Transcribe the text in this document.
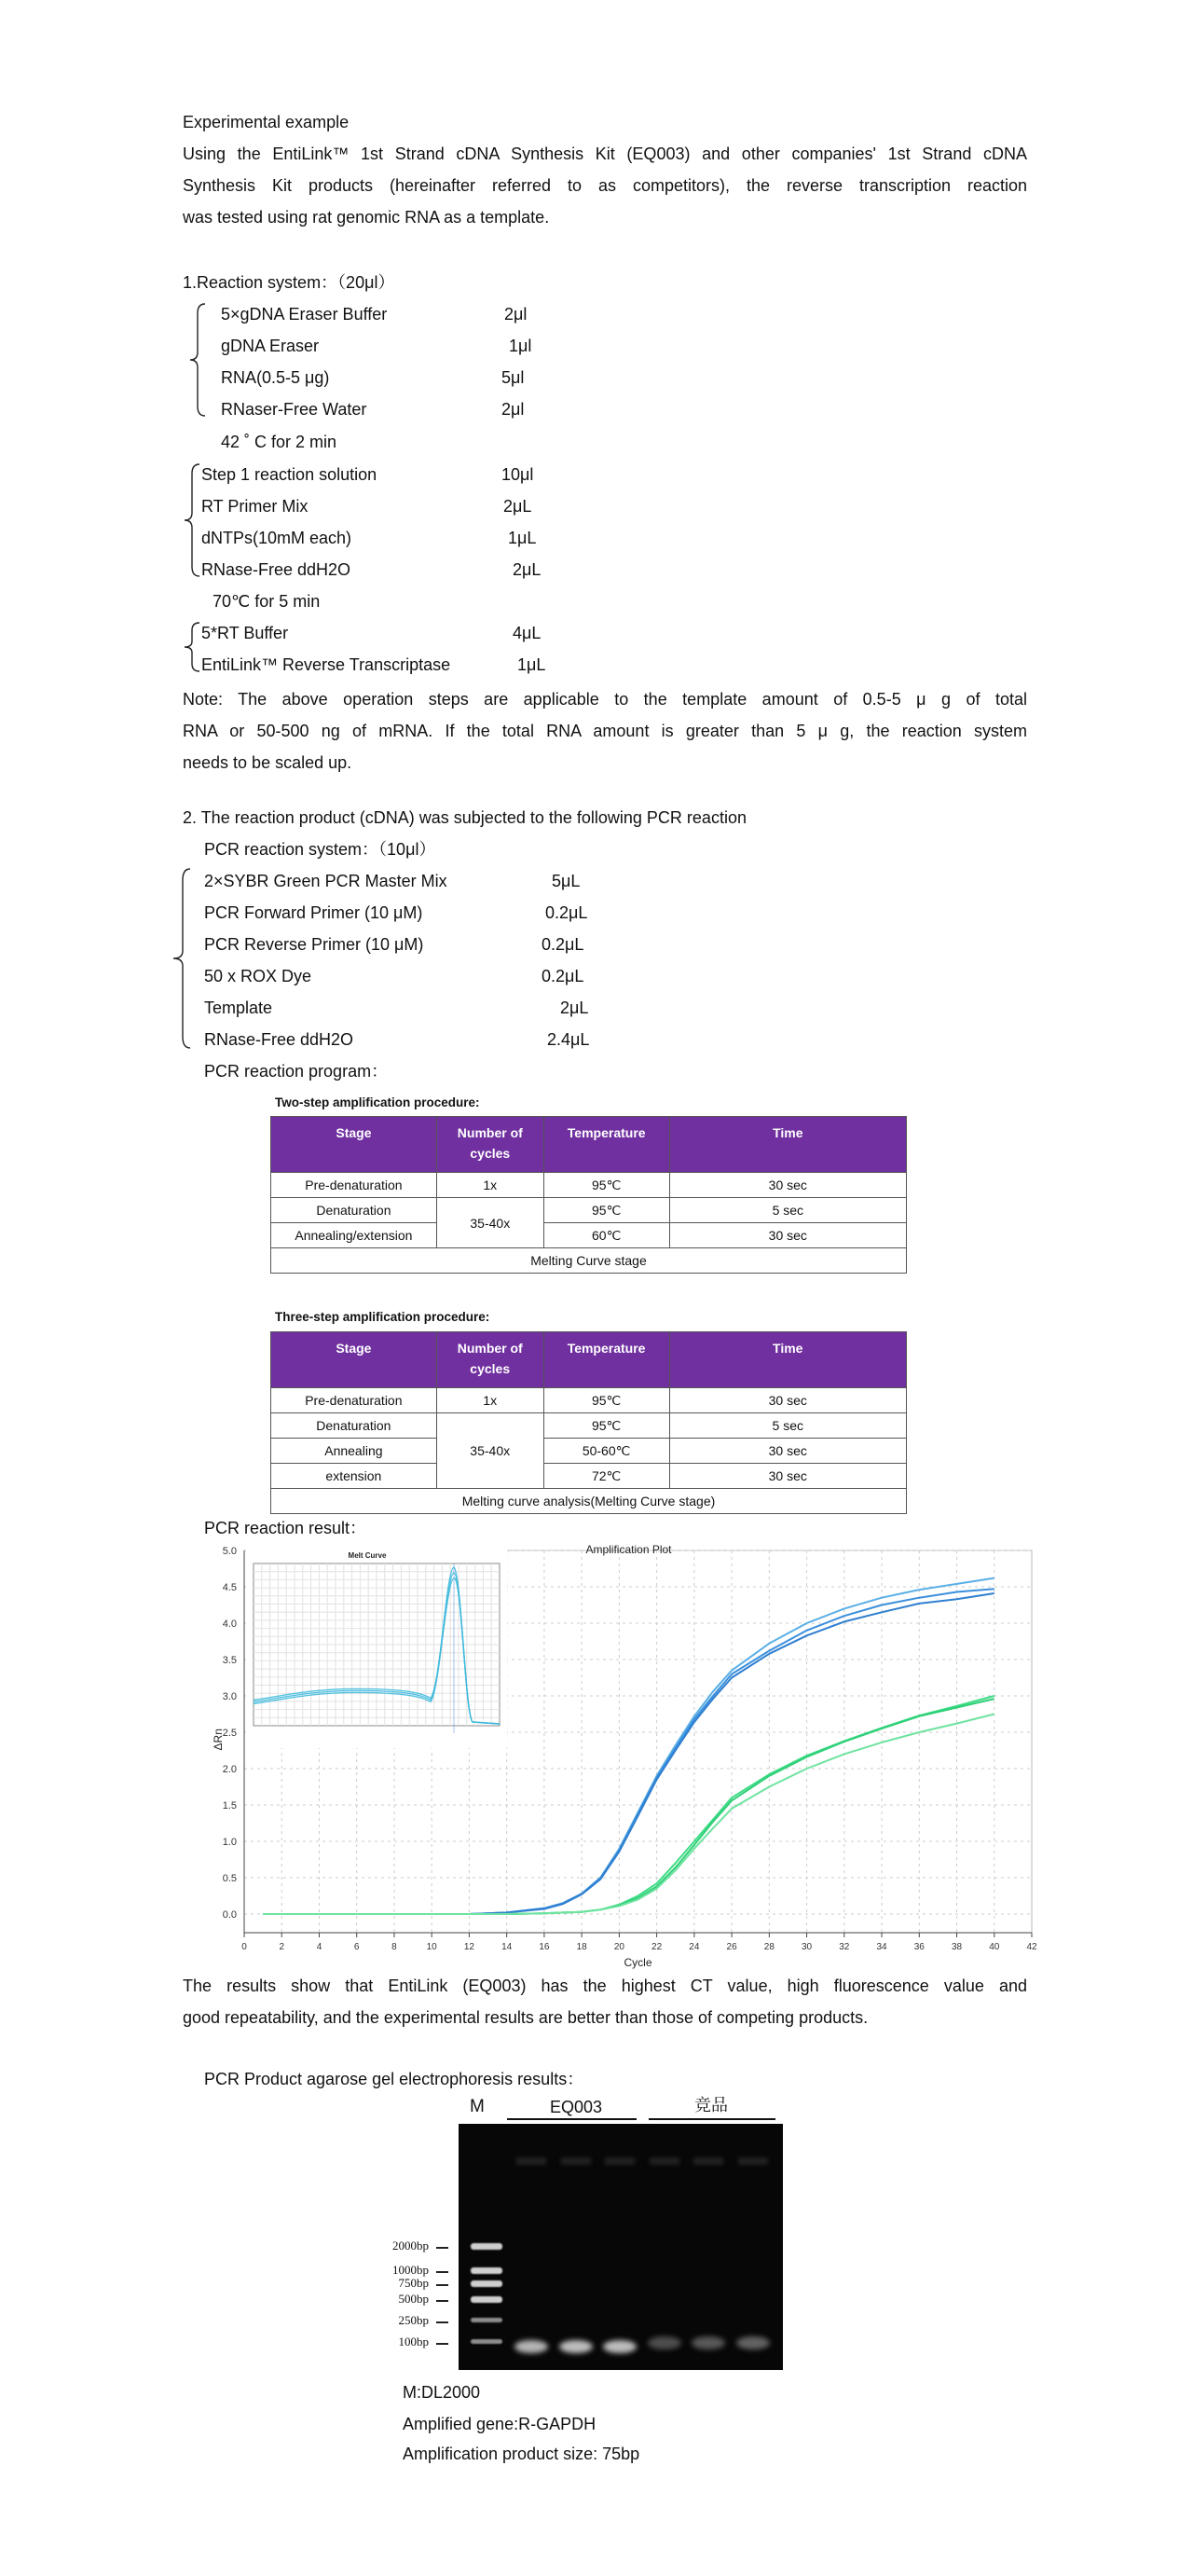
Experimental example
Using the EntiLink™ 1st Strand cDNA Synthesis Kit (EQ003) and other companies' 1st Strand cDNA
Synthesis Kit products (hereinafter referred to as competitors), the reverse transcription reaction
was tested using rat genomic RNA as a template.
1.Reaction system：（20μl）
5×gDNA Eraser Buffer	2μl
gDNA Eraser	1μl
RNA(0.5-5 μg)	5μl
RNaser-Free Water	2μl
42 ˚ C for 2 min
Step 1 reaction solution	10μl
RT Primer Mix	2μL
dNTPs(10mM each)	1μL
RNase-Free ddH2O	2μL
70℃ for 5 min
5*RT Buffer	4μL
EntiLink™ Reverse Transcriptase	1μL
Note: The above operation steps are applicable to the template amount of 0.5-5 μ g of total
RNA or 50-500 ng of mRNA. If the total RNA amount is greater than 5 μ g, the reaction system
needs to be scaled up.
2. The reaction product (cDNA) was subjected to the following PCR reaction
PCR reaction system：（10μl）
2×SYBR Green PCR Master Mix	5μL
PCR Forward Primer (10 μM)	0.2μL
PCR Reverse Primer (10 μM)	0.2μL
50 x ROX Dye	0.2μL
Template	2μL
RNase-Free ddH2O	2.4μL
PCR reaction program：
Two-step amplification procedure:
Stage	Number of cycles	Temperature	Time
Pre-denaturation	1x	95℃	30 sec
Denaturation	35-40x	95℃	5 sec
Annealing/extension		60℃	30 sec
Melting Curve stage			
Three-step amplification procedure:
Stage	Number of cycles	Temperature	Time
Pre-denaturation	1x	95℃	30 sec
Denaturation	35-40x	95℃	5 sec
Annealing		50-60℃	30 sec
extension		72℃	30 sec
Melting curve analysis(Melting Curve stage)			
PCR reaction result：
0	2	4	6	8	10	12	14	16	18	20	22	24	26	28	30	32	34	36	38	40	42
0.0
0.5
1.0
1.5
2.0
2.5
3.0
3.5
4.0
4.5
5.0	Amplification Plot
Cycle
ΔRn
Melt Curve
The results show that EntiLink (EQ003) has the highest CT value, high fluorescence value and
good repeatability, and the experimental results are better than those of competing products.
PCR Product agarose gel electrophoresis results：
M	EQ003	竞品
2000bp
1000bp
750bp
500bp
250bp
100bp
M:DL2000
Amplified gene:R-GAPDH
Amplification product size: 75bp
